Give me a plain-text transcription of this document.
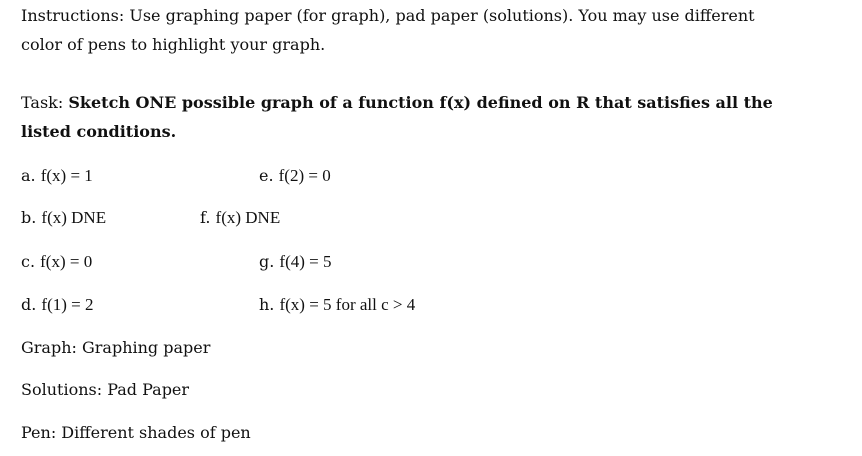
Instructions: Use graphing paper (for graph), pad paper (solutions). You may use different
color of pens to highlight your graph.
Task: Sketch ONE possible graph of a function f(x) defined on R that satisfies all the
listed conditions.
a. f(x) = 1	e. f(2) = 0
b. f(x) DNE	f. f(x) DNE
c. f(x) = 0	g. f(4) = 5
d. f(1) = 2	h. f(x) = 5 for all c > 4
Graph: Graphing paper
Solutions: Pad Paper
Pen: Different shades of pen
